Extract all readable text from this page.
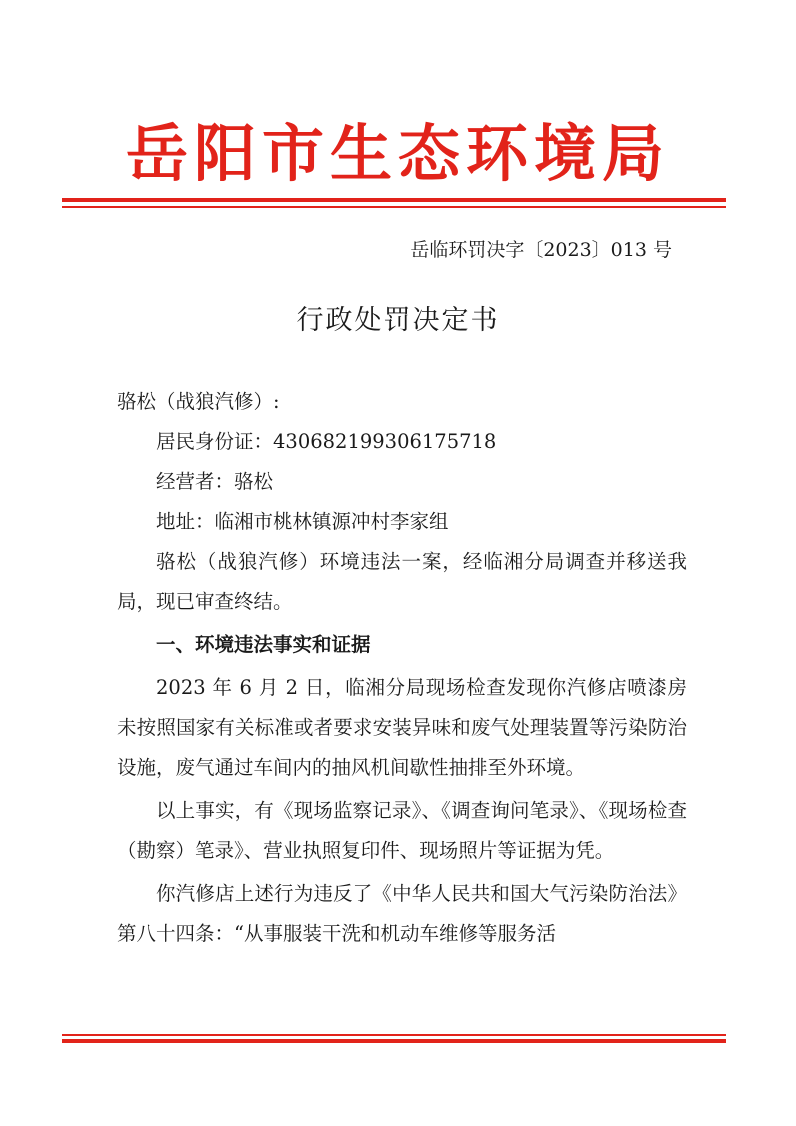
岳阳市生态环境局
岳临环罚决字〔2023〕013 号
行政处罚决定书

骆松（战狼汽修）:

居民身份证：430682199306175718

经营者：骆松

地址：临湘市桃林镇源冲村李家组

骆松（战狼汽修）环境违法一案，经临湘分局调查并移送我局，现已审查终结。

一、环境违法事实和证据

2023 年 6 月 2 日，临湘分局现场检查发现你汽修店喷漆房未按照国家有关标准或者要求安装异味和废气处理装置等污染防治设施，废气通过车间内的抽风机间歇性抽排至外环境。

以上事实，有《现场监察记录》、《调查询问笔录》、《现场检查（勘察）笔录》、营业执照复印件、现场照片等证据为凭。

你汽修店上述行为违反了《中华人民共和国大气污染防治法》第八十四条：“从事服装干洗和机动车维修等服务活
